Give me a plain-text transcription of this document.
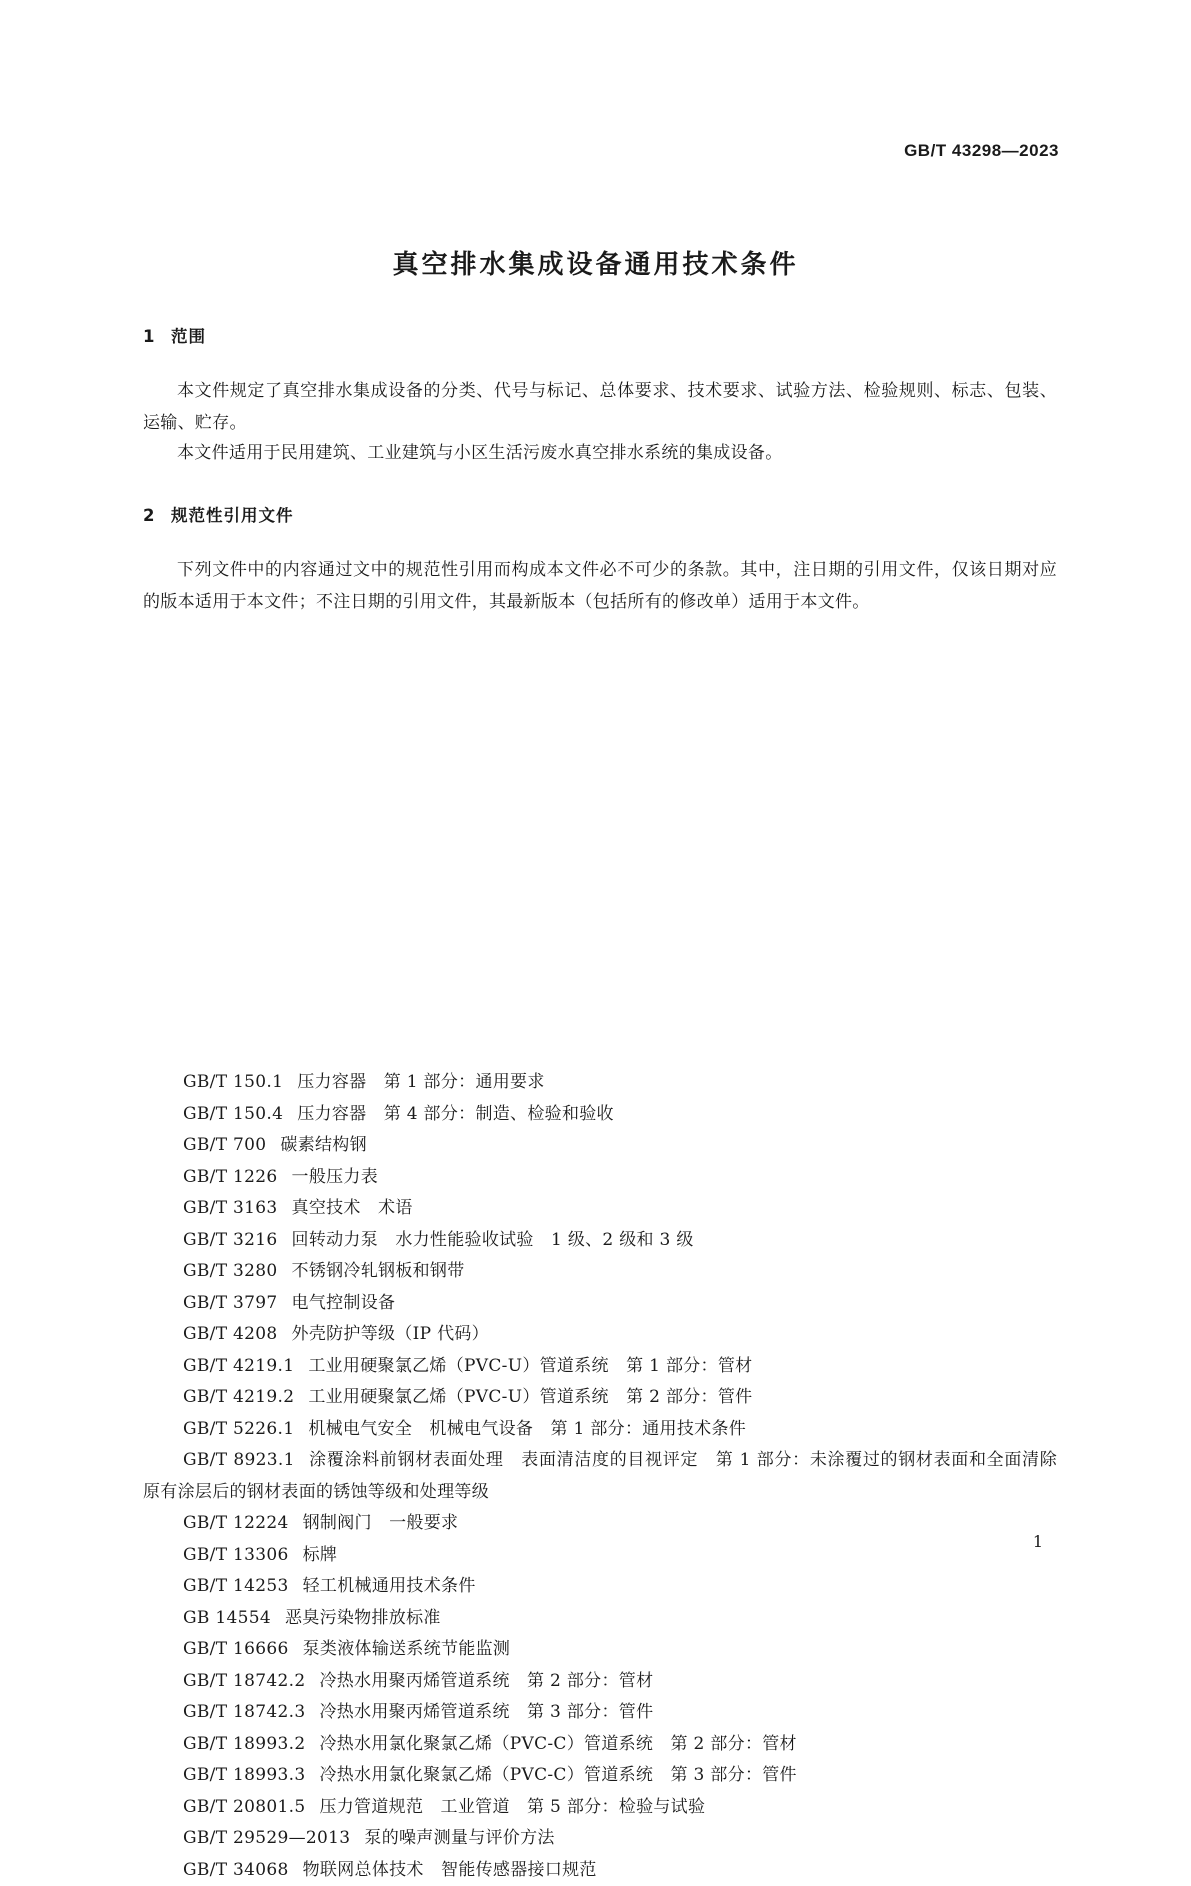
GB/T 43298—2023
真空排水集成设备通用技术条件
1 范围
本文件规定了真空排水集成设备的分类、代号与标记、总体要求、技术要求、试验方法、检验规则、标志、包装、运输、贮存。
本文件适用于民用建筑、工业建筑与小区生活污废水真空排水系统的集成设备。
2 规范性引用文件
下列文件中的内容通过文中的规范性引用而构成本文件必不可少的条款。其中，注日期的引用文件，仅该日期对应的版本适用于本文件；不注日期的引用文件，其最新版本（包括所有的修改单）适用于本文件。
GB/T 150.1 压力容器　第 1 部分：通用要求
GB/T 150.4 压力容器　第 4 部分：制造、检验和验收
GB/T 700 碳素结构钢
GB/T 1226 一般压力表
GB/T 3163 真空技术　术语
GB/T 3216 回转动力泵　水力性能验收试验　1 级、2 级和 3 级
GB/T 3280 不锈钢冷轧钢板和钢带
GB/T 3797 电气控制设备
GB/T 4208 外壳防护等级（IP 代码）
GB/T 4219.1 工业用硬聚氯乙烯（PVC-U）管道系统　第 1 部分：管材
GB/T 4219.2 工业用硬聚氯乙烯（PVC-U）管道系统　第 2 部分：管件
GB/T 5226.1 机械电气安全　机械电气设备　第 1 部分：通用技术条件
GB/T 8923.1 涂覆涂料前钢材表面处理　表面清洁度的目视评定　第 1 部分：未涂覆过的钢材表面和全面清除原有涂层后的钢材表面的锈蚀等级和处理等级
GB/T 12224 钢制阀门　一般要求
GB/T 13306 标牌
GB/T 14253 轻工机械通用技术条件
GB 14554 恶臭污染物排放标准
GB/T 16666 泵类液体输送系统节能监测
GB/T 18742.2 冷热水用聚丙烯管道系统　第 2 部分：管材
GB/T 18742.3 冷热水用聚丙烯管道系统　第 3 部分：管件
GB/T 18993.2 冷热水用氯化聚氯乙烯（PVC-C）管道系统　第 2 部分：管材
GB/T 18993.3 冷热水用氯化聚氯乙烯（PVC-C）管道系统　第 3 部分：管件
GB/T 20801.5 压力管道规范　工业管道　第 5 部分：检验与试验
GB/T 29529—2013 泵的噪声测量与评价方法
GB/T 34068 物联网总体技术　智能传感器接口规范
1
